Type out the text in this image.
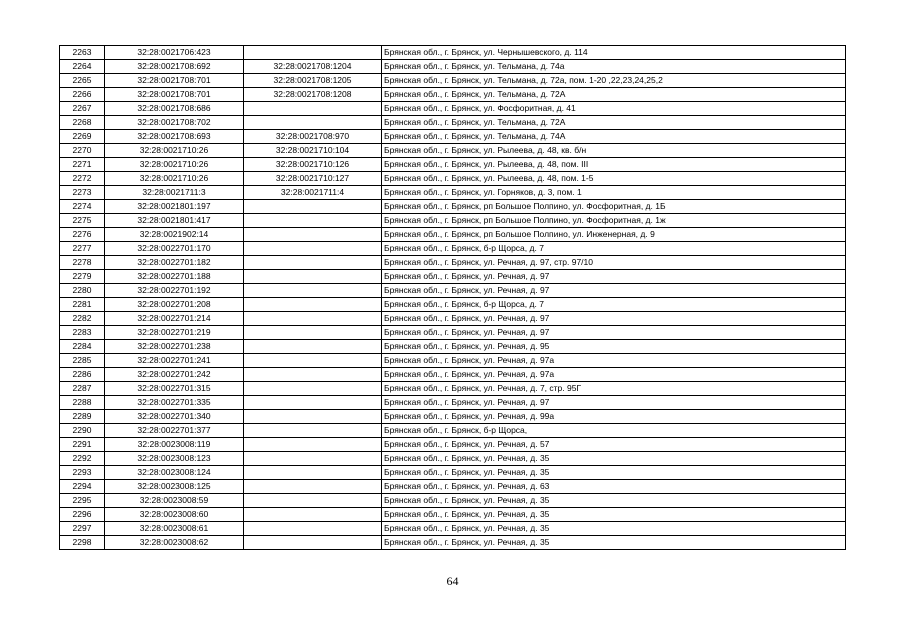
2263	32:28:0021706:423		Брянская обл., г. Брянск, ул. Чернышевского, д. 114
2264	32:28:0021708:692	32:28:0021708:1204	Брянская обл., г. Брянск, ул. Тельмана, д. 74а
2265	32:28:0021708:701	32:28:0021708:1205	Брянская обл., г. Брянск, ул. Тельмана, д. 72а, пом. 1-20 ,22,23,24,25,2
2266	32:28:0021708:701	32:28:0021708:1208	Брянская обл., г. Брянск, ул. Тельмана, д. 72А
2267	32:28:0021708:686		Брянская обл., г. Брянск, ул. Фосфоритная, д. 41
2268	32:28:0021708:702		Брянская обл., г. Брянск, ул. Тельмана, д. 72А
2269	32:28:0021708:693	32:28:0021708:970	Брянская обл., г. Брянск, ул. Тельмана, д. 74А
2270	32:28:0021710:26	32:28:0021710:104	Брянская обл., г. Брянск, ул. Рылеева, д. 48, кв. б/н
2271	32:28:0021710:26	32:28:0021710:126	Брянская обл., г. Брянск, ул. Рылеева, д. 48, пом. III
2272	32:28:0021710:26	32:28:0021710:127	Брянская обл., г. Брянск, ул. Рылеева, д. 48, пом. 1-5
2273	32:28:0021711:3	32:28:0021711:4	Брянская обл., г. Брянск, ул. Горняков, д. 3, пом. 1
2274	32:28:0021801:197		Брянская обл., г. Брянск, рп Большое Полпино, ул. Фосфоритная, д. 1Б
2275	32:28:0021801:417		Брянская обл., г. Брянск, рп Большое Полпино, ул. Фосфоритная, д. 1ж
2276	32:28:0021902:14		Брянская обл., г. Брянск, рп Большое Полпино, ул. Инженерная, д. 9
2277	32:28:0022701:170		Брянская обл., г. Брянск, б-р Щорса, д. 7
2278	32:28:0022701:182		Брянская обл., г. Брянск, ул. Речная, д. 97, стр. 97/10
2279	32:28:0022701:188		Брянская обл., г. Брянск, ул. Речная, д. 97
2280	32:28:0022701:192		Брянская обл., г. Брянск, ул. Речная, д. 97
2281	32:28:0022701:208		Брянская обл., г. Брянск, б-р Щорса, д. 7
2282	32:28:0022701:214		Брянская обл., г. Брянск, ул. Речная, д. 97
2283	32:28:0022701:219		Брянская обл., г. Брянск, ул. Речная, д. 97
2284	32:28:0022701:238		Брянская обл., г. Брянск, ул. Речная, д. 95
2285	32:28:0022701:241		Брянская обл., г. Брянск, ул. Речная, д. 97а
2286	32:28:0022701:242		Брянская обл., г. Брянск, ул. Речная, д. 97а
2287	32:28:0022701:315		Брянская обл., г. Брянск, ул. Речная, д. 7, стр. 95Г
2288	32:28:0022701:335		Брянская обл., г. Брянск, ул. Речная, д. 97
2289	32:28:0022701:340		Брянская обл., г. Брянск, ул. Речная, д. 99а
2290	32:28:0022701:377		Брянская обл., г. Брянск, б-р Щорса,
2291	32:28:0023008:119		Брянская обл., г. Брянск, ул. Речная, д. 57
2292	32:28:0023008:123		Брянская обл., г. Брянск, ул. Речная, д. 35
2293	32:28:0023008:124		Брянская обл., г. Брянск, ул. Речная, д. 35
2294	32:28:0023008:125		Брянская обл., г. Брянск, ул. Речная, д. 63
2295	32:28:0023008:59		Брянская обл., г. Брянск, ул. Речная, д. 35
2296	32:28:0023008:60		Брянская обл., г. Брянск, ул. Речная, д. 35
2297	32:28:0023008:61		Брянская обл., г. Брянск, ул. Речная, д. 35
2298	32:28:0023008:62		Брянская обл., г. Брянск, ул. Речная, д. 35
64
